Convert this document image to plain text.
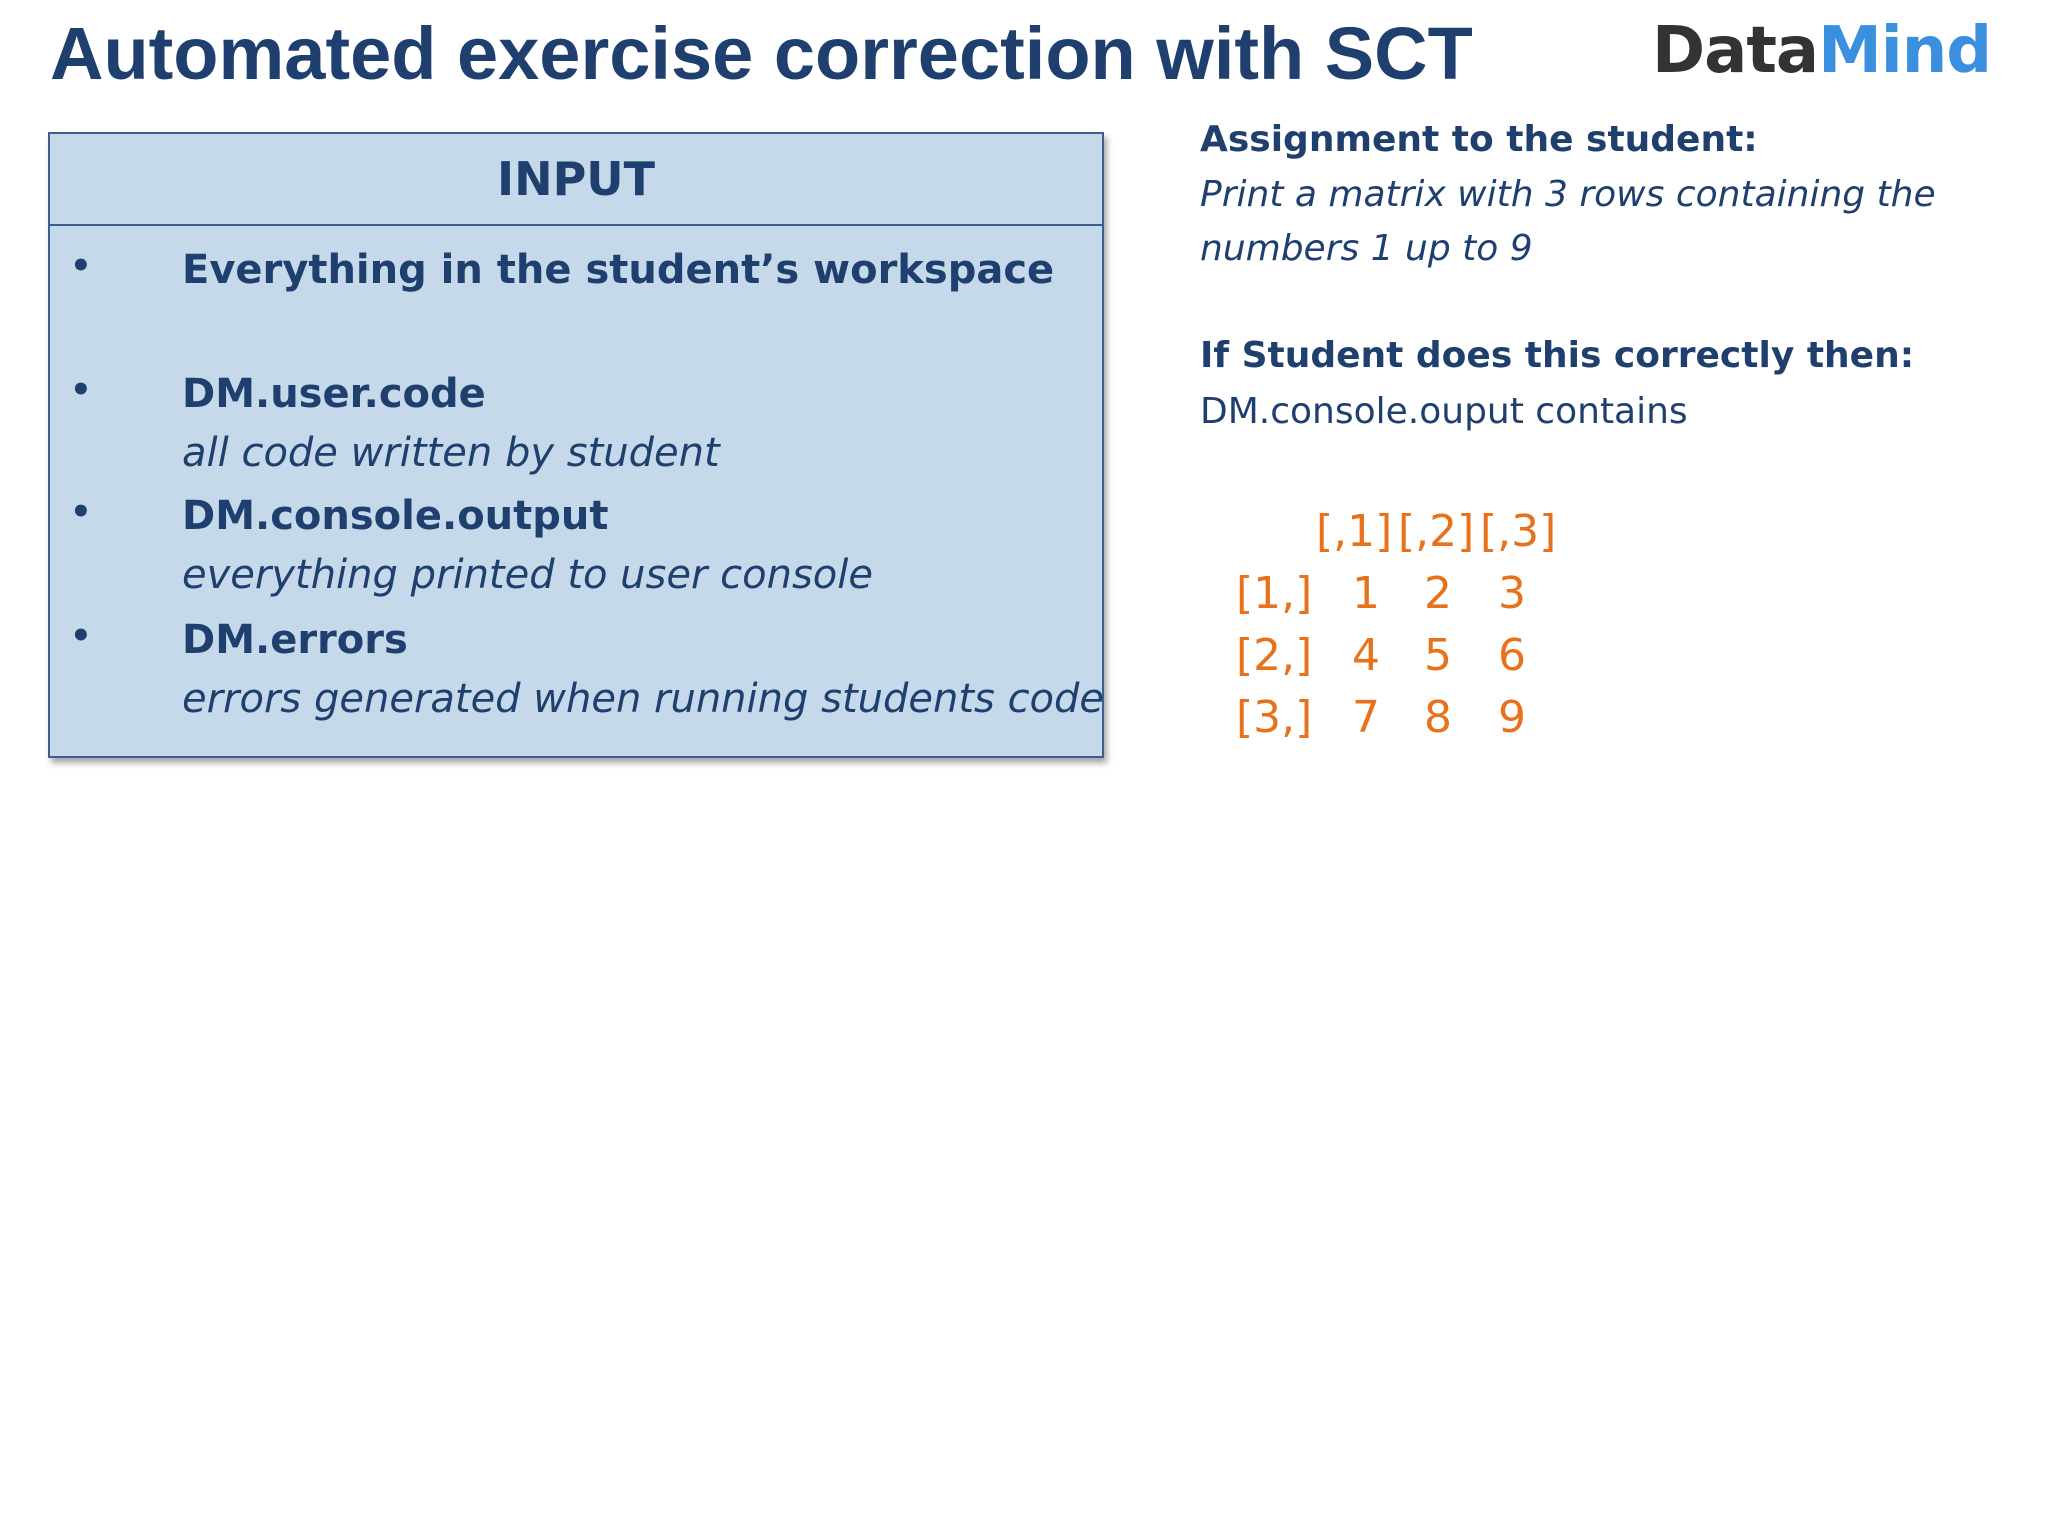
Automated exercise correction with SCT	DataMind
INPUT
• Everything in the student’s workspace
• DM.user.code
all code written by student
• DM.console.output
everything printed to user console
• DM.errors
errors generated when running students code
Assignment to the student:
Print a matrix with 3 rows containing the
numbers 1 up to 9
If Student does this correctly then:
DM.console.ouput contains
[,1] [,2] [,3]
[1,] 1 2 3
[2,] 4 5 6
[3,] 7 8 9
